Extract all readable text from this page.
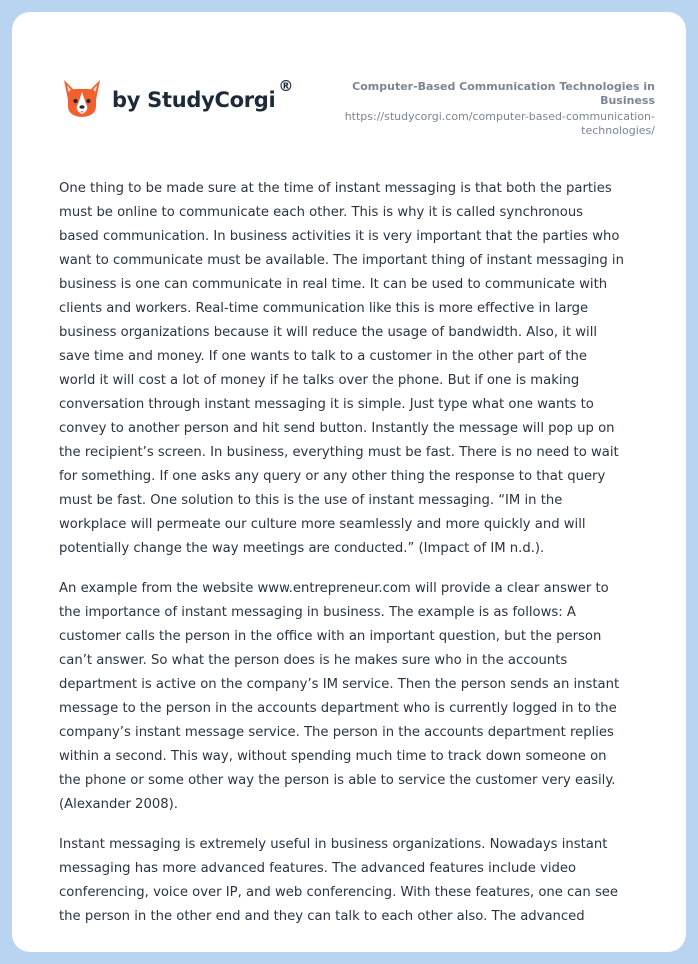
by StudyCorgi
®	Computer-Based Communication Technologies in Business
https://studycorgi.com/computer-based-communication-
technologies/

One thing to be made sure at the time of instant messaging is that both the parties
must be online to communicate each other. This is why it is called synchronous
based communication. In business activities it is very important that the parties who
want to communicate must be available. The important thing of instant messaging in
business is one can communicate in real time. It can be used to communicate with
clients and workers. Real-time communication like this is more effective in large
business organizations because it will reduce the usage of bandwidth. Also, it will
save time and money. If one wants to talk to a customer in the other part of the
world it will cost a lot of money if he talks over the phone. But if one is making
conversation through instant messaging it is simple. Just type what one wants to
convey to another person and hit send button. Instantly the message will pop up on
the recipient’s screen. In business, everything must be fast. There is no need to wait
for something. If one asks any query or any other thing the response to that query
must be fast. One solution to this is the use of instant messaging. “IM in the
workplace will permeate our culture more seamlessly and more quickly and will
potentially change the way meetings are conducted.” (Impact of IM n.d.).

An example from the website www.entrepreneur.com will provide a clear answer to
the importance of instant messaging in business. The example is as follows: A
customer calls the person in the office with an important question, but the person
can’t answer. So what the person does is he makes sure who in the accounts
department is active on the company’s IM service. Then the person sends an instant
message to the person in the accounts department who is currently logged in to the
company’s instant message service. The person in the accounts department replies
within a second. This way, without spending much time to track down someone on
the phone or some other way the person is able to service the customer very easily.
(Alexander 2008).

Instant messaging is extremely useful in business organizations. Nowadays instant
messaging has more advanced features. The advanced features include video
conferencing, voice over IP, and web conferencing. With these features, one can see
the person in the other end and they can talk to each other also. The advanced
